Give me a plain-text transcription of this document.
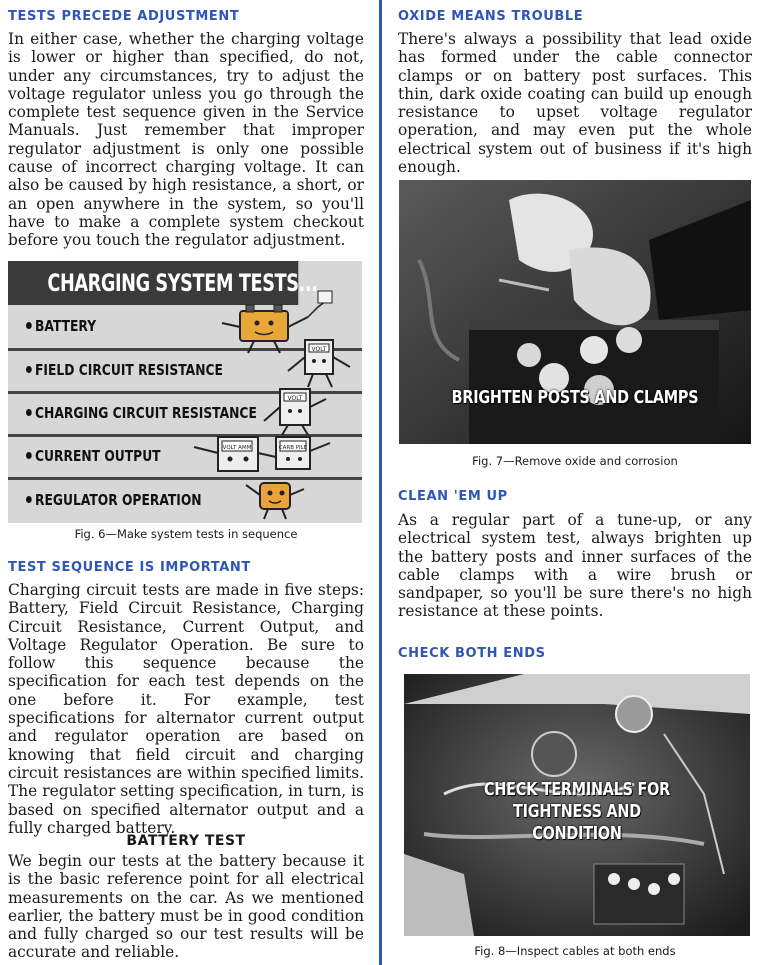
TESTS PRECEDE ADJUSTMENT

In either case, whether the charging voltage is lower or higher than specified, do not, under any circumstances, try to adjust the voltage regulator unless you go through the complete test sequence given in the Service Manuals. Just remember that improper regulator adjustment is only one possible cause of incorrect charging voltage. It can also be caused by high resistance, a short, or an open anywhere in the system, so you'll have to make a complete system checkout before you touch the regulator adjustment.

CHARGING SYSTEM TESTS...
BATTERY
FIELD CIRCUIT RESISTANCE
CHARGING CIRCUIT RESISTANCE
CURRENT OUTPUT
REGULATOR OPERATION
VOLT
VOLT
VOLT AMM	CARB PILE
Fig. 6—Make system tests in sequence
TEST SEQUENCE IS IMPORTANT

Charging circuit tests are made in five steps: Battery, Field Circuit Resistance, Charging Circuit Resistance, Current Output, and Voltage Regulator Operation. Be sure to follow this sequence because the specification for each test depends on the one before it. For example, test specifications for alternator current output and regulator operation are based on knowing that field circuit and charging circuit resistances are within specified limits. The regulator setting specification, in turn, is based on specified alternator output and a fully charged battery.

BATTERY TEST

We begin our tests at the battery because it is the basic reference point for all electrical measurements on the car. As we mentioned earlier, the battery must be in good condition and fully charged so our test results will be accurate and reliable.

OXIDE MEANS TROUBLE

There's always a possibility that lead oxide has formed under the cable connector clamps or on battery post surfaces. This thin, dark oxide coating can build up enough resistance to upset voltage regulator operation, and may even put the whole electrical system out of business if it's high enough.

BRIGHTEN POSTS AND CLAMPS
Fig. 7—Remove oxide and corrosion
CLEAN 'EM UP

As a regular part of a tune-up, or any electrical system test, always brighten up the battery posts and inner surfaces of the cable clamps with a wire brush or sandpaper, so you'll be sure there's no high resistance at these points.

CHECK BOTH ENDS
CHECK TERMINALS FOR
TIGHTNESS AND
CONDITION
Fig. 8—Inspect cables at both ends
